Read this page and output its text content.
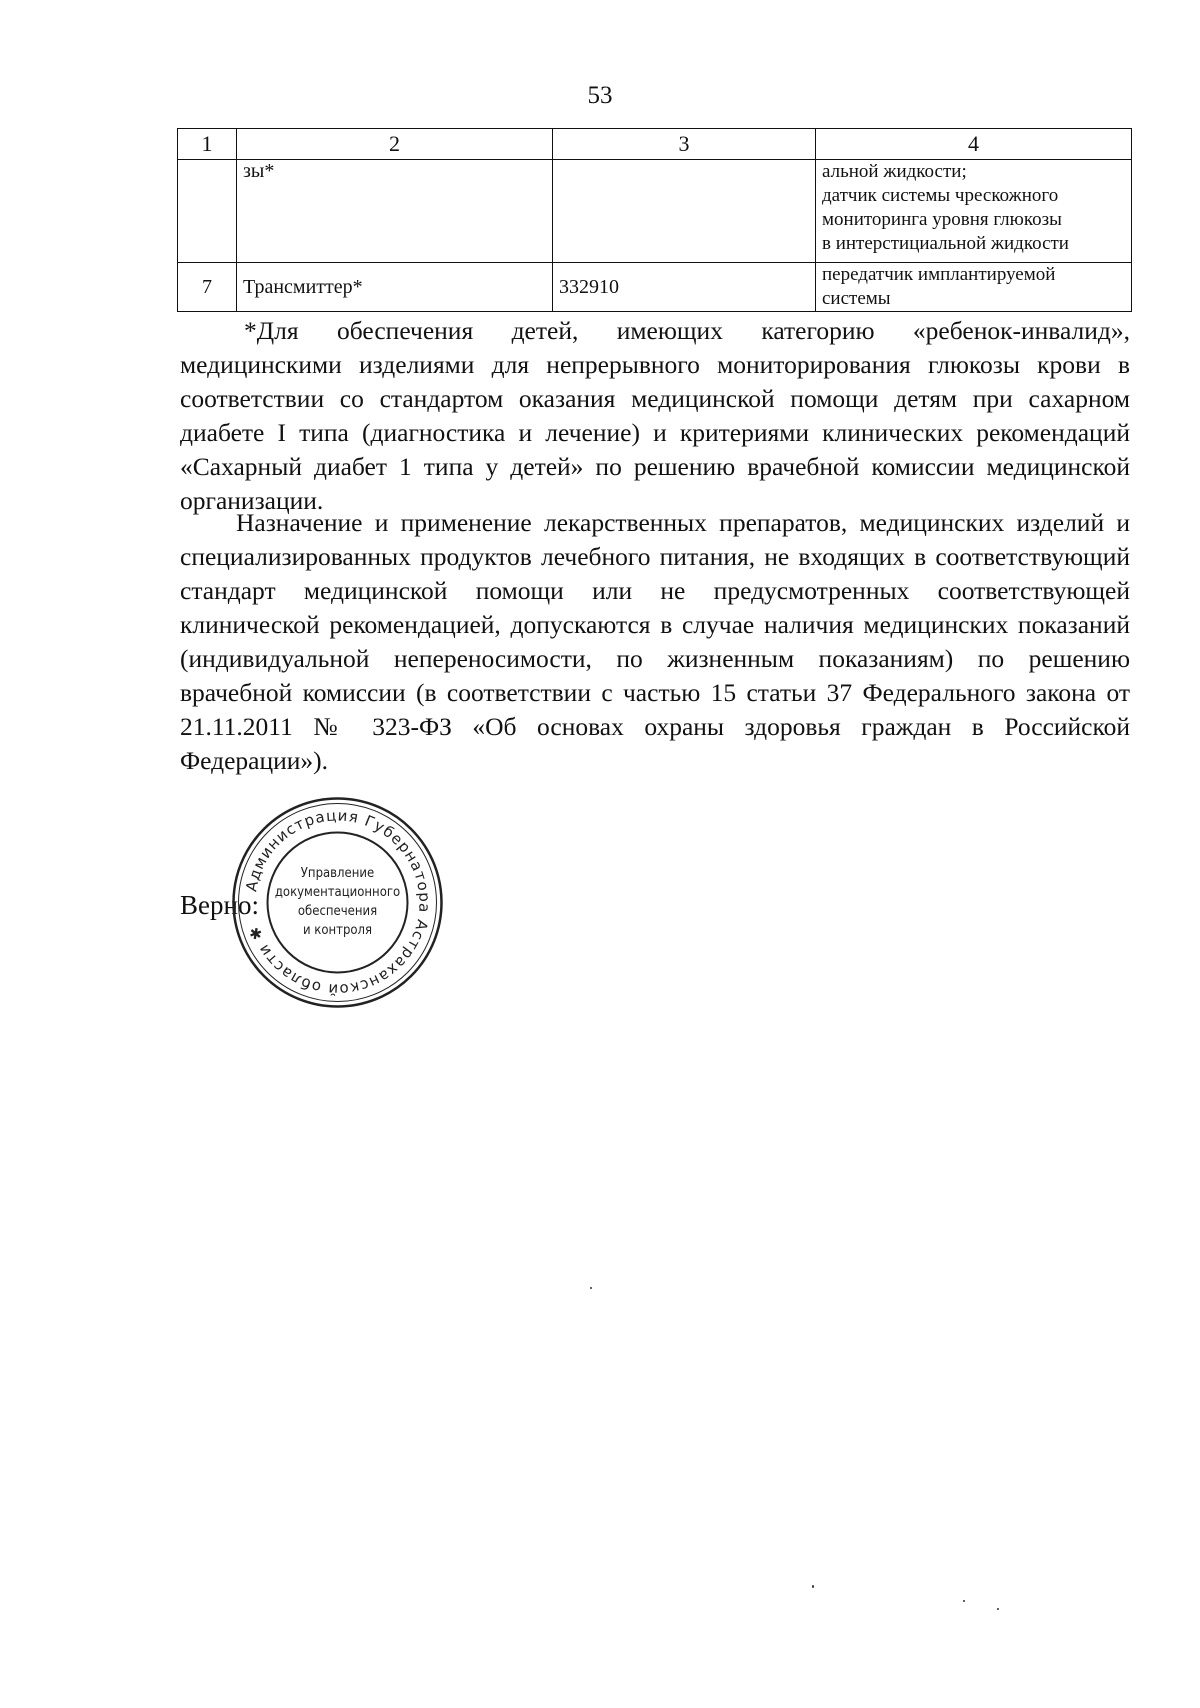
53
1	2	3	4
	зы*		альной жидкости;
датчик системы чрескожного
мониторинга уровня глюкозы
в интерстициальной жидкости

7	Трансмиттер*	332910	передатчик имплантируемой
системы

*Для обеспечения детей, имеющих категорию «ребенок-инвалид», медицинскими изделиями для непрерывного мониторирования глюкозы крови в соответствии со стандартом оказания медицинской помощи детям при сахарном диабете I типа (диагностика и лечение) и критериями клинических рекомендаций «Сахарный диабет 1 типа у детей» по решению врачебной комиссии медицинской организации.

Назначение и применение лекарственных препаратов, медицинских изделий и специализированных продуктов лечебного питания, не входящих в соответствующий стандарт медицинской помощи или не предусмотренных соответствующей клинической рекомендацией, допускаются в случае наличия медицинских показаний (индивидуальной непереносимости, по жизненным показаниям) по решению врачебной комиссии (в соответствии с частью 15 статьи 37 Федерального закона от 21.11.2011 № 323-ФЗ «Об основах охраны здоровья граждан в Российской Федерации»).

Верно:
Администрация Губернатора Астраханской области ✱
Управление
документационного
обеспечения
и контроля
